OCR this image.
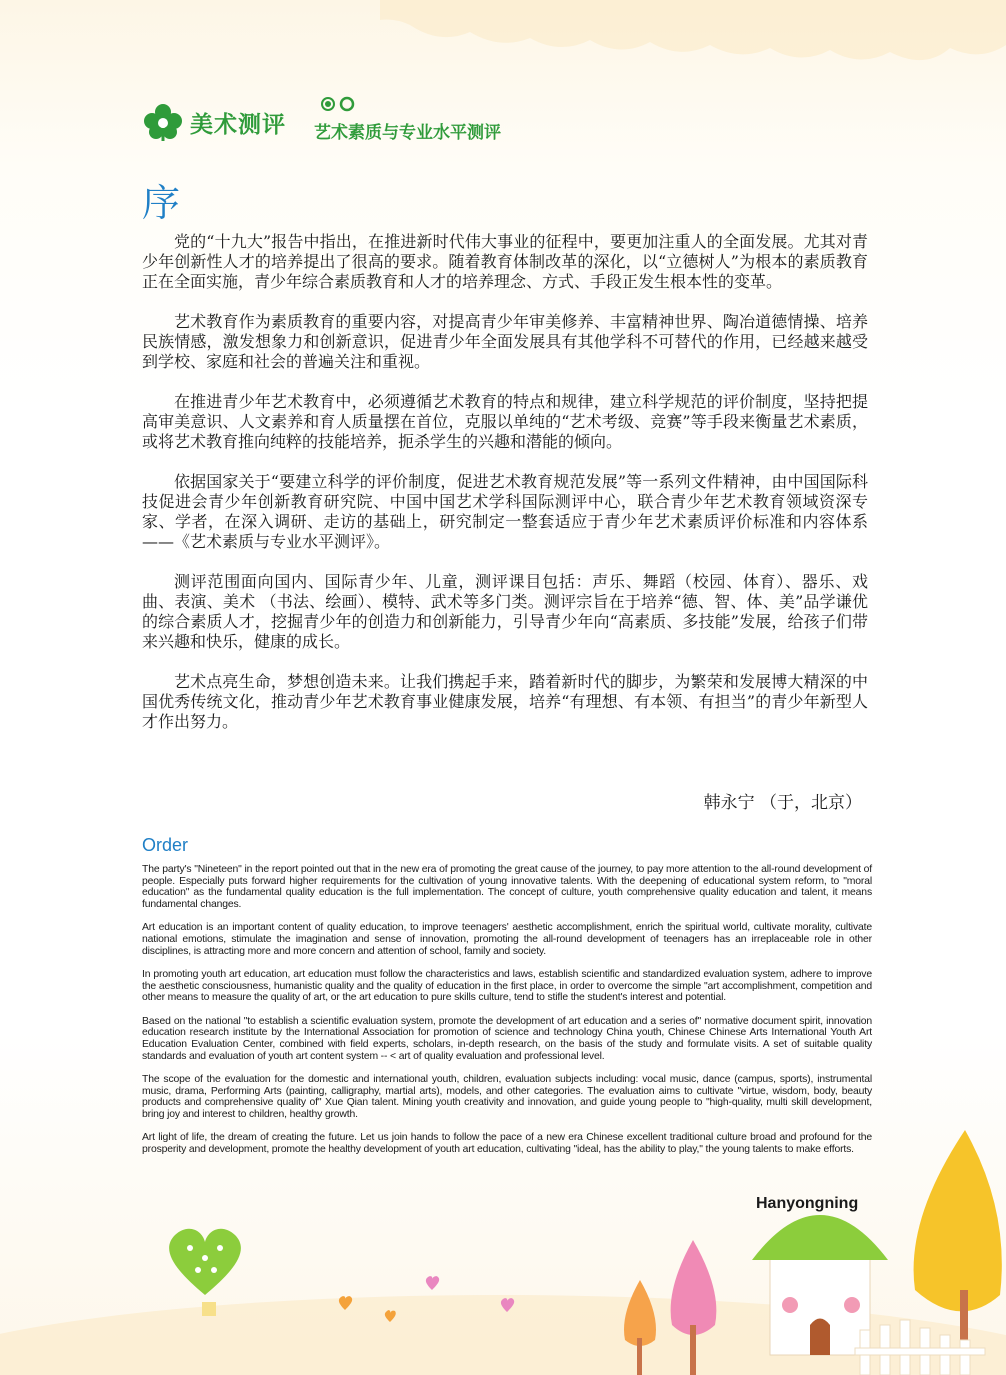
美术测评 艺术素质与专业水平测评
序

党的“十九大”报告中指出，在推进新时代伟大事业的征程中，要更加注重人的全面发展。尤其对青少年创新性人才的培养提出了很高的要求。随着教育体制改革的深化，以“立德树人”为根本的素质教育正在全面实施，青少年综合素质教育和人才的培养理念、方式、手段正发生根本性的变革。

艺术教育作为素质教育的重要内容，对提高青少年审美修养、丰富精神世界、陶冶道德情操、培养民族情感，激发想象力和创新意识，促进青少年全面发展具有其他学科不可替代的作用，已经越来越受到学校、家庭和社会的普遍关注和重视。

在推进青少年艺术教育中，必须遵循艺术教育的特点和规律，建立科学规范的评价制度，坚持把提高审美意识、人文素养和育人质量摆在首位，克服以单纯的“艺术考级、竞赛”等手段来衡量艺术素质，或将艺术教育推向纯粹的技能培养，扼杀学生的兴趣和潜能的倾向。

依据国家关于“要建立科学的评价制度，促进艺术教育规范发展”等一系列文件精神，由中国国际科技促进会青少年创新教育研究院、中国中国艺术学科国际测评中心，联合青少年艺术教育领域资深专家、学者，在深入调研、走访的基础上，研究制定一整套适应于青少年艺术素质评价标准和内容体系——《艺术素质与专业水平测评》。

测评范围面向国内、国际青少年、儿童，测评课目包括：声乐、舞蹈（校园、体育）、器乐、戏曲、表演、美术 （书法、绘画）、模特、武术等多门类。测评宗旨在于培养“德、智、体、美”品学谦优的综合素质人才，挖掘青少年的创造力和创新能力，引导青少年向“高素质、多技能”发展，给孩子们带来兴趣和快乐，健康的成长。

艺术点亮生命，梦想创造未来。让我们携起手来，踏着新时代的脚步，为繁荣和发展博大精深的中国优秀传统文化，推动青少年艺术教育事业健康发展，培养“有理想、有本领、有担当”的青少年新型人才作出努力。

韩永宁 （于，北京）
Order

The party's "Nineteen" in the report pointed out that in the new era of promoting the great cause of the journey, to pay more attention to the all-round development of people. Especially puts forward higher requirements for the cultivation of young innovative talents. With the deepening of educational system reform, to "moral education" as the fundamental quality education is the full implementation. The concept of culture, youth comprehensive quality education and talent, it means fundamental changes.

Art education is an important content of quality education, to improve teenagers' aesthetic accomplishment, enrich the spiritual world, cultivate morality, cultivate national emotions, stimulate the imagination and sense of innovation, promoting the all-round development of teenagers has an irreplaceable role in other disciplines, is attracting more and more concern and attention of school, family and society.

In promoting youth art education, art education must follow the characteristics and laws, establish scientific and standardized evaluation system, adhere to improve the aesthetic consciousness, humanistic quality and the quality of education in the first place, in order to overcome the simple "art accomplishment, competition and other means to measure the quality of art, or the art education to pure skills culture, tend to stifle the student's interest and potential.

Based on the national "to establish a scientific evaluation system, promote the development of art education and a series of" normative document spirit, innovation education research institute by the International Association for promotion of science and technology China youth, Chinese Chinese Arts International Youth Art Education Evaluation Center, combined with field experts, scholars, in-depth research, on the basis of the study and formulate visits. A set of suitable quality standards and evaluation of youth art content system -- < art of quality evaluation and professional level.

The scope of the evaluation for the domestic and international youth, children, evaluation subjects including: vocal music, dance (campus, sports), instrumental music, drama, Performing Arts (painting, calligraphy, martial arts), models, and other categories. The evaluation aims to cultivate "virtue, wisdom, body, beauty products and comprehensive quality of" Xue Qian talent. Mining youth creativity and innovation, and guide young people to "high-quality, multi skill development, bring joy and interest to children, healthy growth.

Art light of life, the dream of creating the future. Let us join hands to follow the pace of a new era Chinese excellent traditional culture broad and profound for the prosperity and development, promote the healthy development of youth art education, cultivating "ideal, has the ability to play," the young talents to make efforts.

Hanyongning
